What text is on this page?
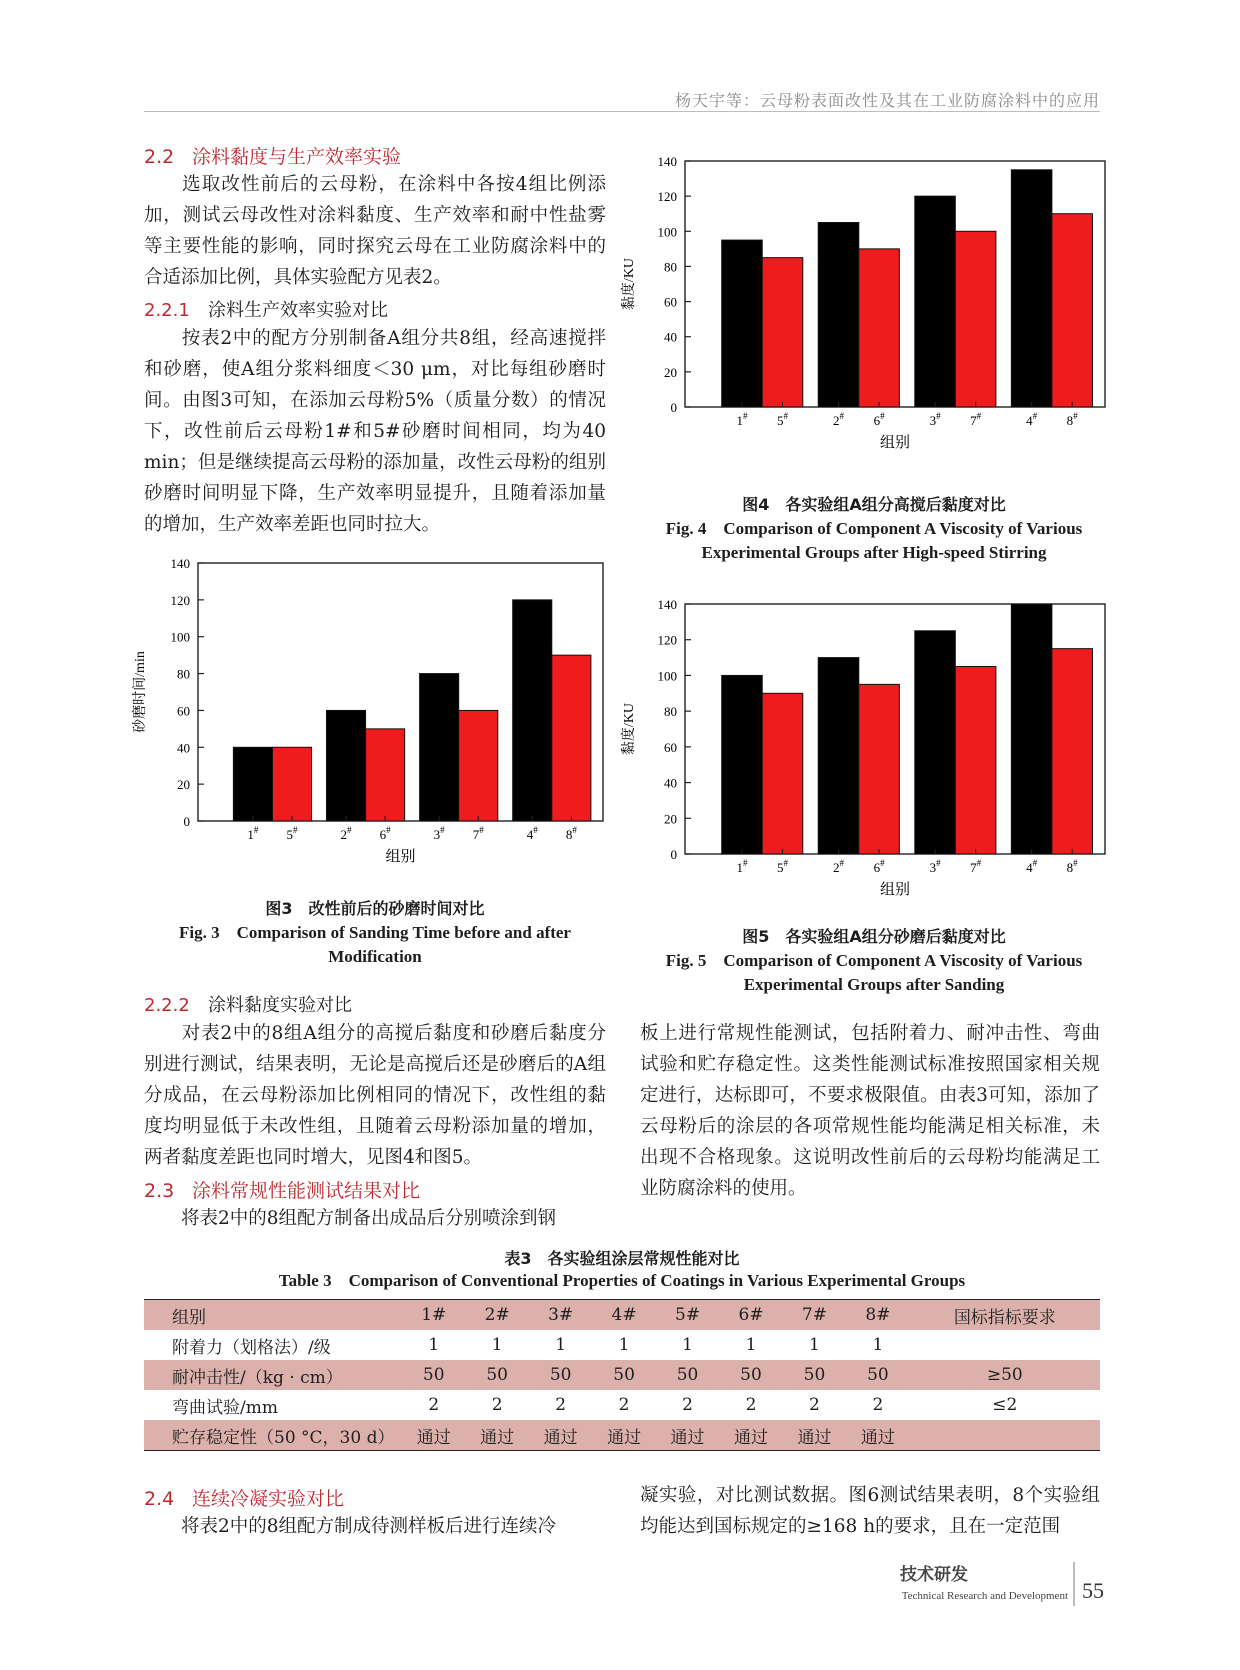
杨天宇等：云母粉表面改性及其在工业防腐涂料中的应用
2.2 涂料黏度与生产效率实验
选取改性前后的云母粉，在涂料中各按4组比例添加，测试云母改性对涂料黏度、生产效率和耐中性盐雾等主要性能的影响，同时探究云母在工业防腐涂料中的合适添加比例，具体实验配方见表2。
2.2.1 涂料生产效率实验对比
按表2中的配方分别制备A组分共8组，经高速搅拌和砂磨，使A组分浆料细度＜30 μm，对比每组砂磨时间。由图3可知，在添加云母粉5%（质量分数）的情况下，改性前后云母粉1#和5#砂磨时间相同，均为40 min；但是继续提高云母粉的添加量，改性云母粉的组别砂磨时间明显下降，生产效率明显提升，且随着添加量的增加，生产效率差距也同时拉大。
0
20
40
60
80
100
120
140
1# 5#	2# 6#	3# 7#	4# 8#
组别
砂磨时间/min
图3　改性前后的砂磨时间对比
Fig. 3　Comparison of Sanding Time before and after Modification
0
20
40
60
80
100
120
140
1# 5#	2# 6#	3# 7#	4# 8#
组别
黏度/KU
图4　各实验组A组分高搅后黏度对比
Fig. 4　Comparison of Component A Viscosity of Various Experimental Groups after High-speed Stirring
0
20
40
60
80
100
120
140
1# 5#	2# 6#	3# 7#	4# 8#
组别
黏度/KU
图5　各实验组A组分砂磨后黏度对比
Fig. 5　Comparison of Component A Viscosity of Various Experimental Groups after Sanding
2.2.2 涂料黏度实验对比
对表2中的8组A组分的高搅后黏度和砂磨后黏度分别进行测试，结果表明，无论是高搅后还是砂磨后的A组分成品，在云母粉添加比例相同的情况下，改性组的黏度均明显低于未改性组，且随着云母粉添加量的增加，两者黏度差距也同时增大，见图4和图5。
2.3 涂料常规性能测试结果对比
将表2中的8组配方制备出成品后分别喷涂到钢
板上进行常规性能测试，包括附着力、耐冲击性、弯曲试验和贮存稳定性。这类性能测试标准按照国家相关规定进行，达标即可，不要求极限值。由表3可知，添加了云母粉后的涂层的各项常规性能均能满足相关标准，未出现不合格现象。这说明改性前后的云母粉均能满足工业防腐涂料的使用。
表3　各实验组涂层常规性能对比
Table 3　Comparison of Conventional Properties of Coatings in Various Experimental Groups
组别	1#	2#	3#	4#	5#	6#	7#	8#	国标指标要求
附着力（划格法）/级	1	1	1	1	1	1	1	1	
耐冲击性/（kg · cm）	50	50	50	50	50	50	50	50	≥50
弯曲试验/mm	2	2	2	2	2	2	2	2	≤2
贮存稳定性（50 °C，30 d）	通过	通过	通过	通过	通过	通过	通过	通过	
2.4 连续冷凝实验对比
将表2中的8组配方制成待测样板后进行连续冷
凝实验，对比测试数据。图6测试结果表明，8个实验组均能达到国标规定的≥168 h的要求，且在一定范围
技术研发
Technical Research and Development 55
